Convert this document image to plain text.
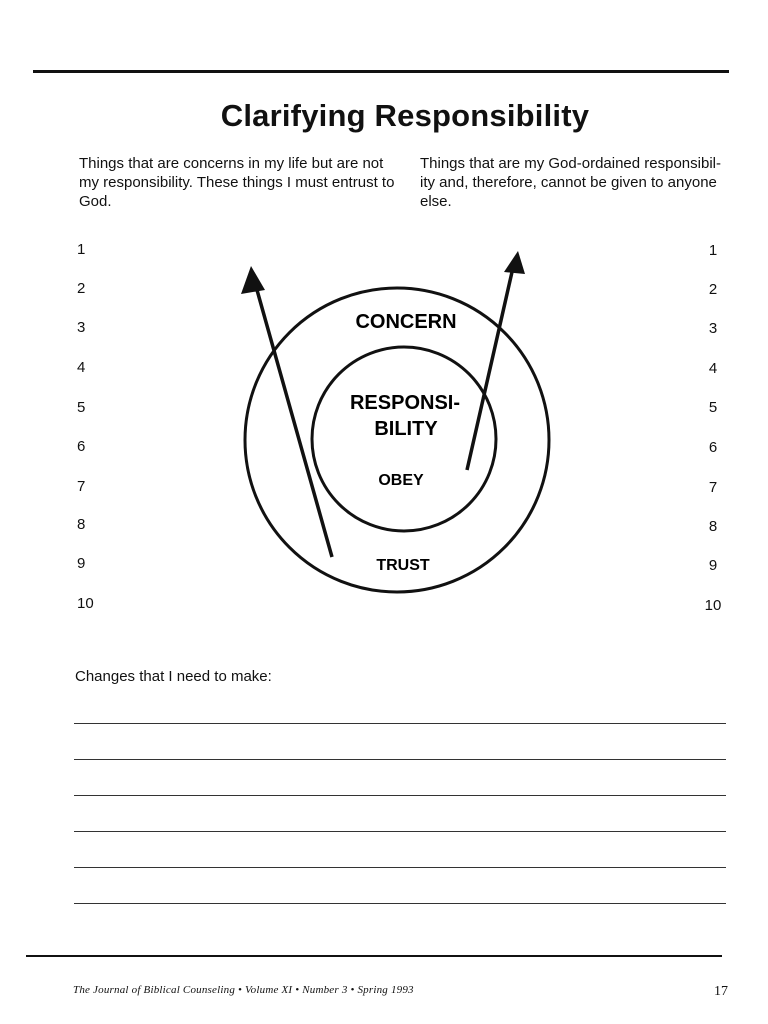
Clarifying Responsibility

Things that are concerns in my life but are not my responsibility. These things I must entrust to God.

Things that are my God-ordained responsibil- ity and, therefore, cannot be given to anyone else.

1
2
3
4
5
6
7
8
9
10
1
2
3
4
5
6
7
8
9
10
CONCERN
RESPONSI-
BILITY
OBEY
TRUST
Changes that I need to make:
The Journal of Biblical Counseling • Volume XI • Number 3 • Spring 1993	17
